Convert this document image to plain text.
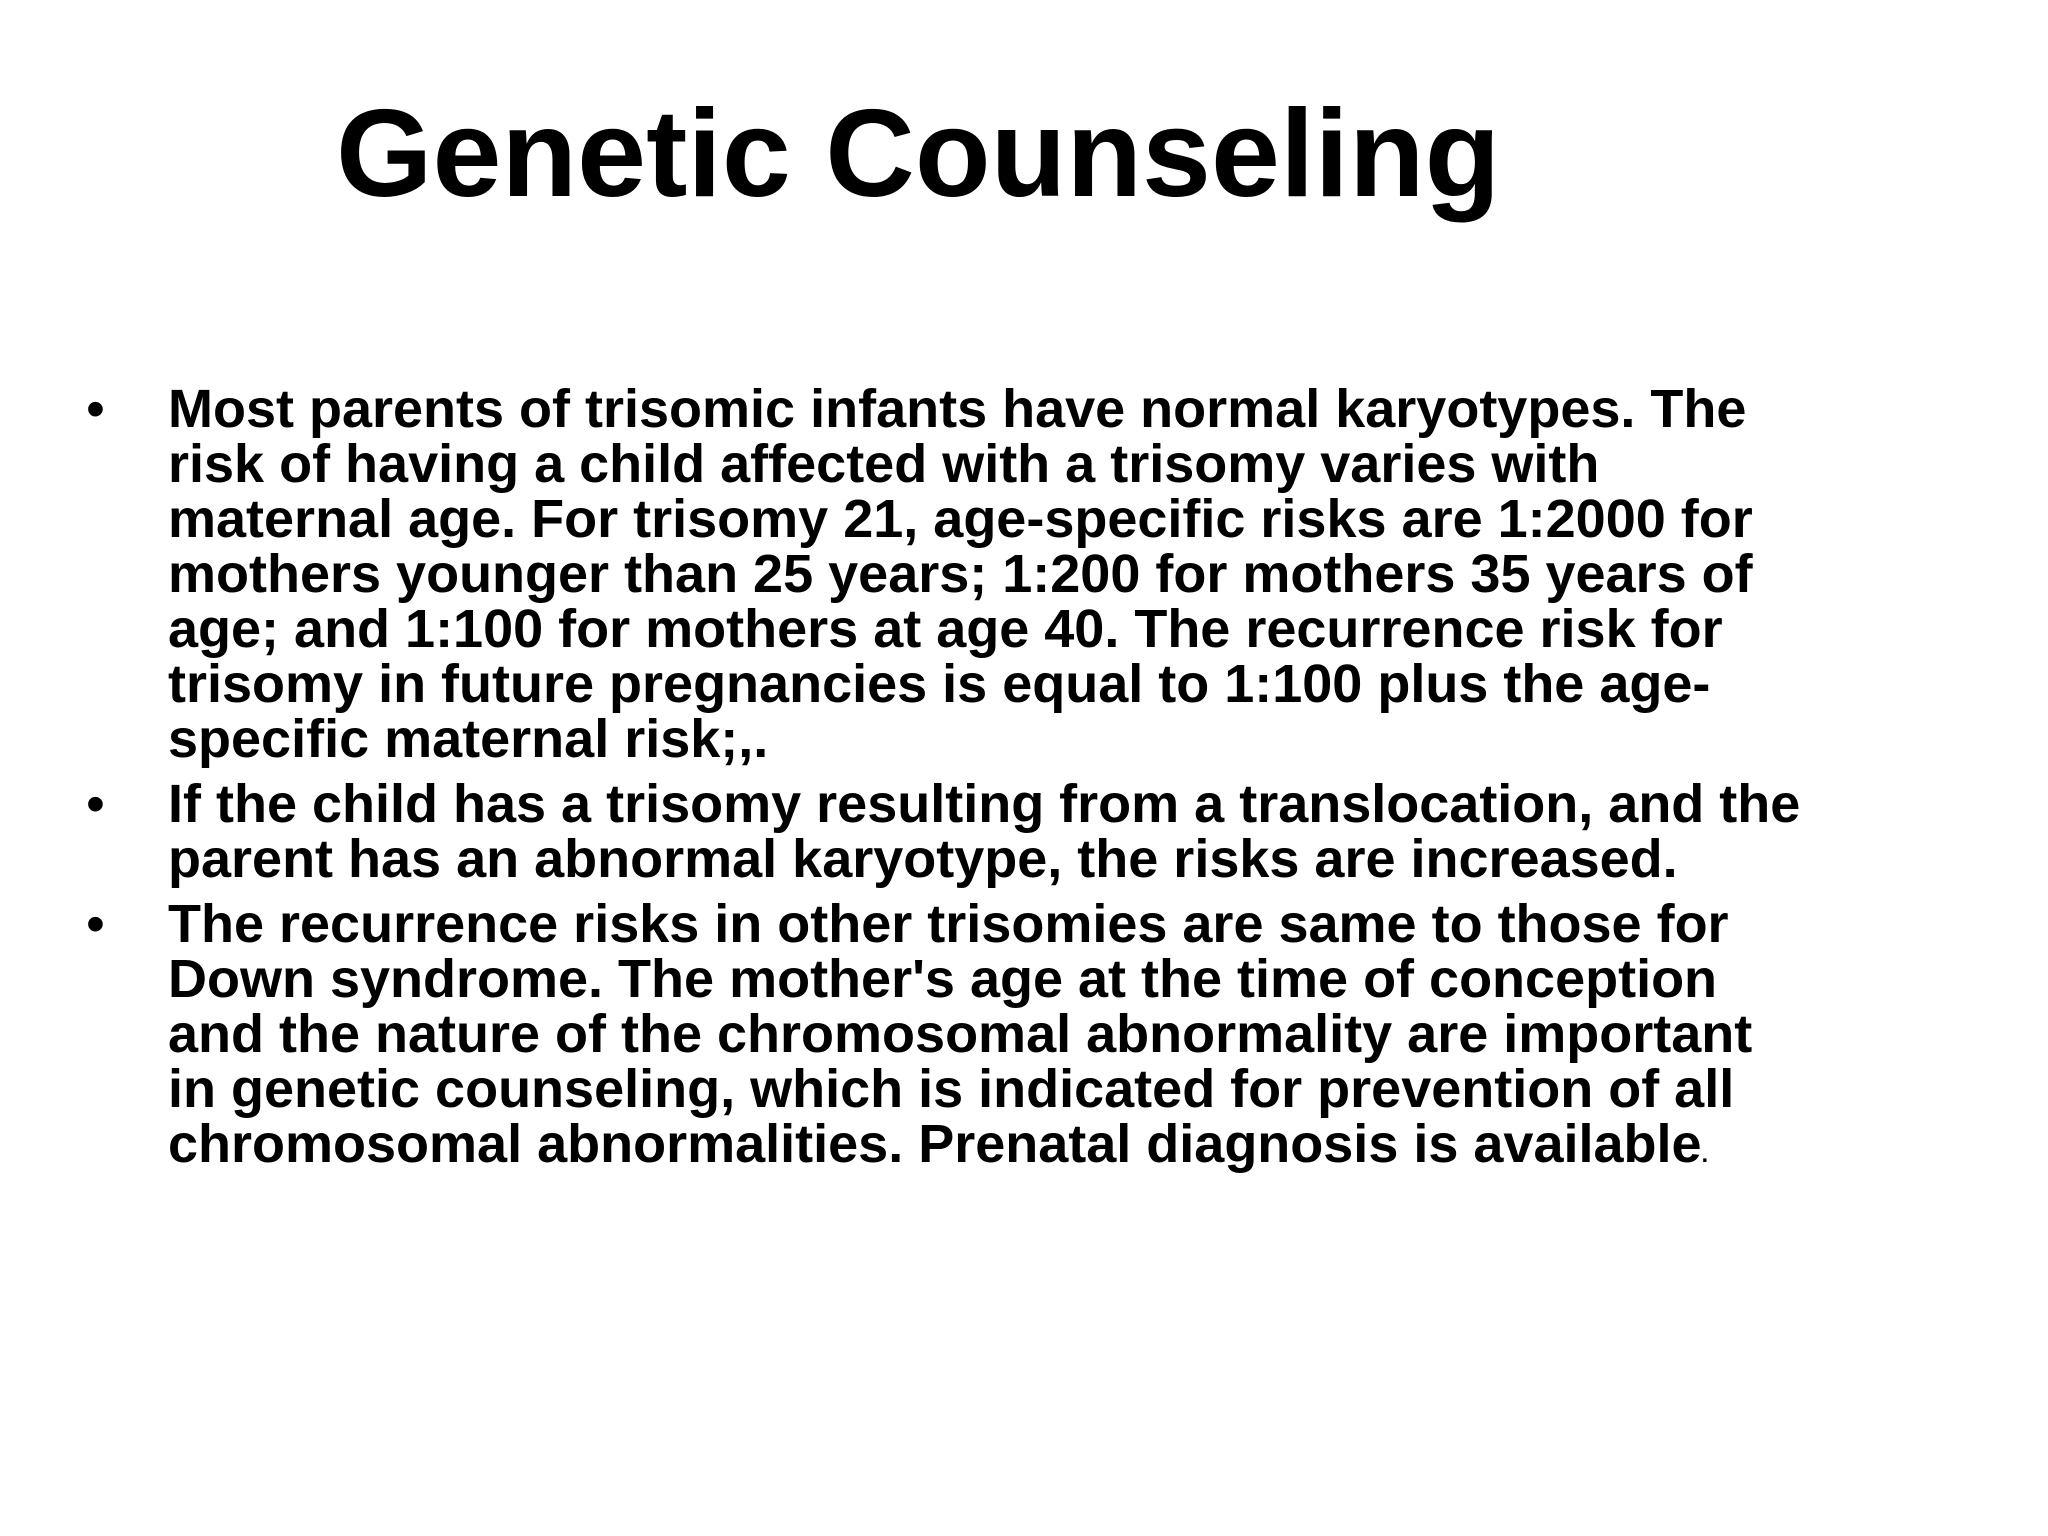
Genetic Counseling
•	Most parents of trisomic infants have normal karyotypes. The
risk of having a child affected with a trisomy varies with
maternal age. For trisomy 21, age-specific risks are 1:2000 for
mothers younger than 25 years; 1:200 for mothers 35 years of
age; and 1:100 for mothers at age 40. The recurrence risk for
trisomy in future pregnancies is equal to 1:100 plus the age-
specific maternal risk;,.
•	If the child has a trisomy resulting from a translocation, and the
parent has an abnormal karyotype, the risks are increased.
•	The recurrence risks in other trisomies are same to those for
Down syndrome. The mother's age at the time of conception
and the nature of the chromosomal abnormality are important
in genetic counseling, which is indicated for prevention of all
chromosomal abnormalities. Prenatal diagnosis is available.
